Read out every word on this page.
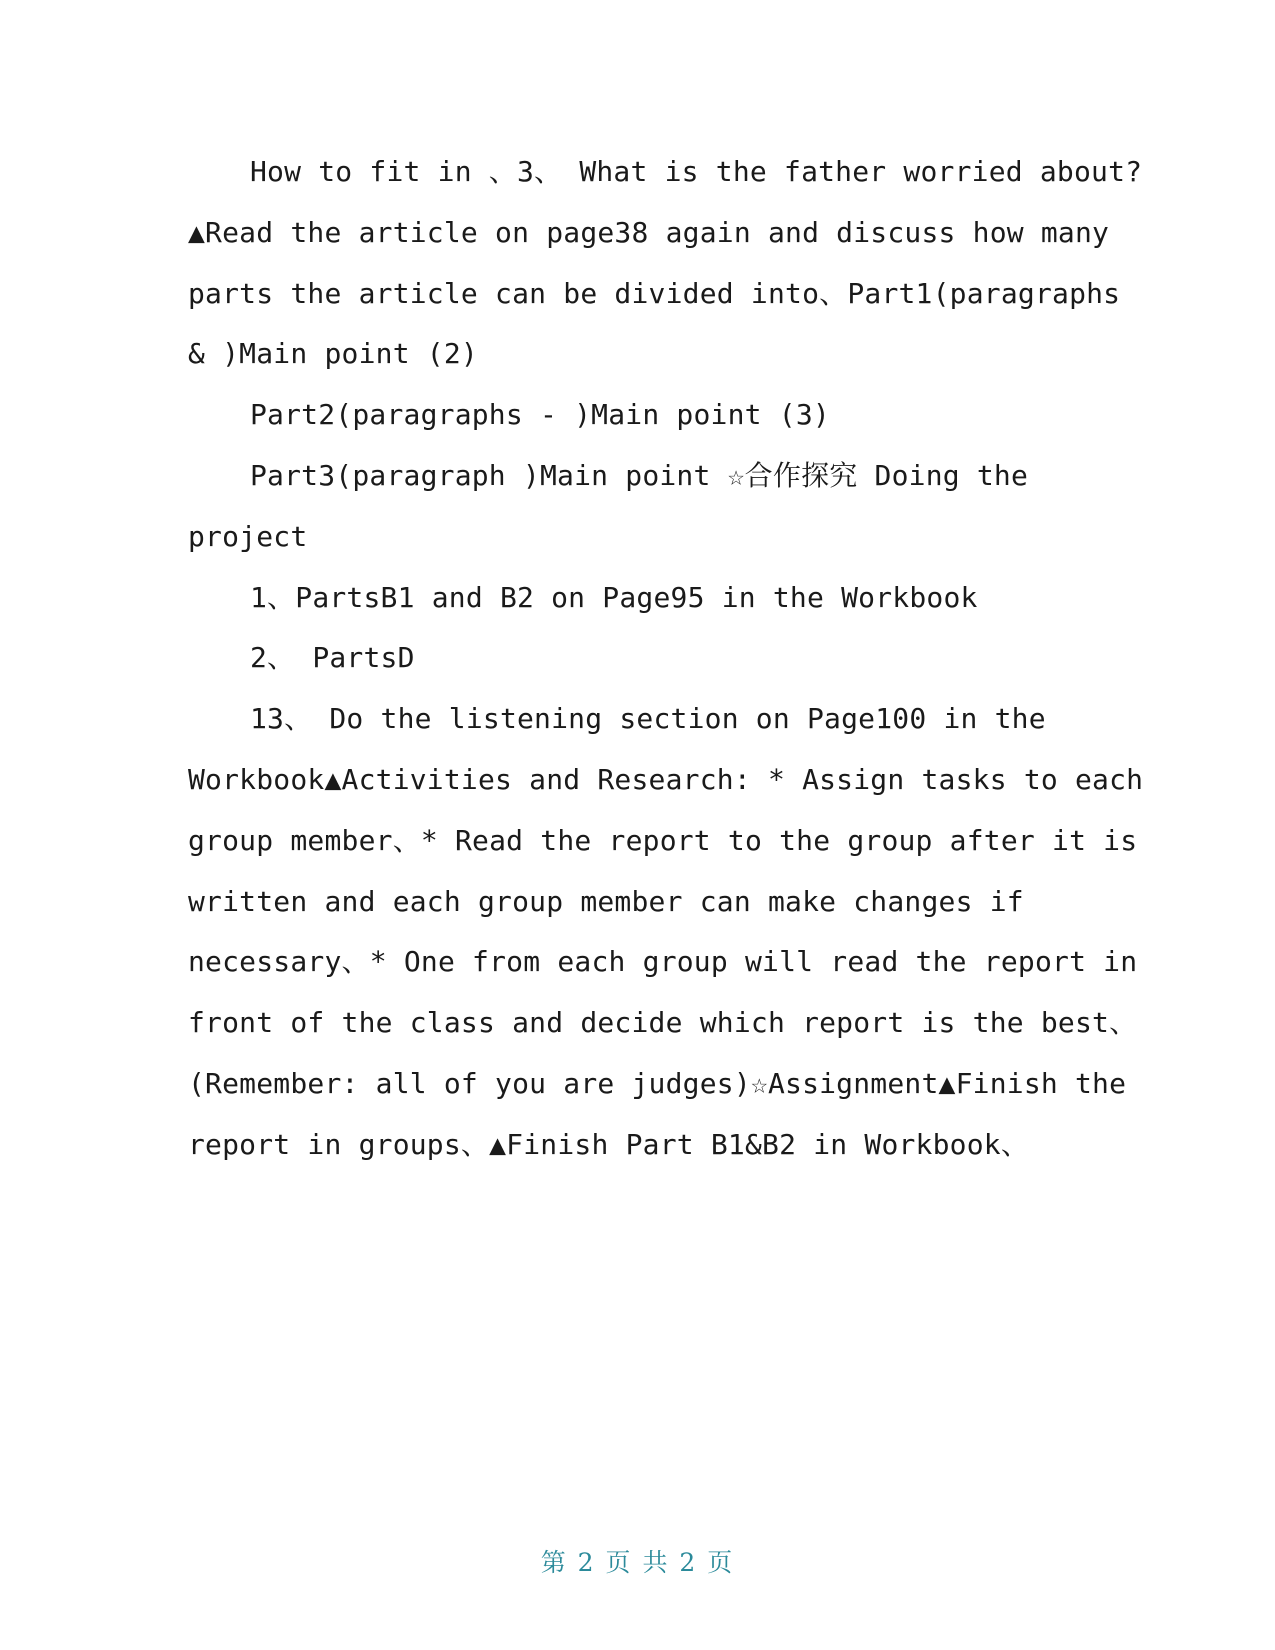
How to fit in 、3、 What is the father worried about?

▲Read the article on page38 again and discuss how many

parts the article can be divided into、Part1(paragraphs

& )Main point (2)

Part2(paragraphs - )Main point (3)

Part3(paragraph )Main point ☆合作探究 Doing the

project

1、PartsB1 and B2 on Page95 in the Workbook

2、 PartsD

13、 Do the listening section on Page100 in the

Workbook▲Activities and Research: * Assign tasks to each

group member、* Read the report to the group after it is

written and each group member can make changes if

necessary、* One from each group will read the report in

front of the class and decide which report is the best、

(Remember: all of you are judges)☆Assignment▲Finish the

report in groups、▲Finish Part B1&B2 in Workbook、

第 2 页 共 2 页
